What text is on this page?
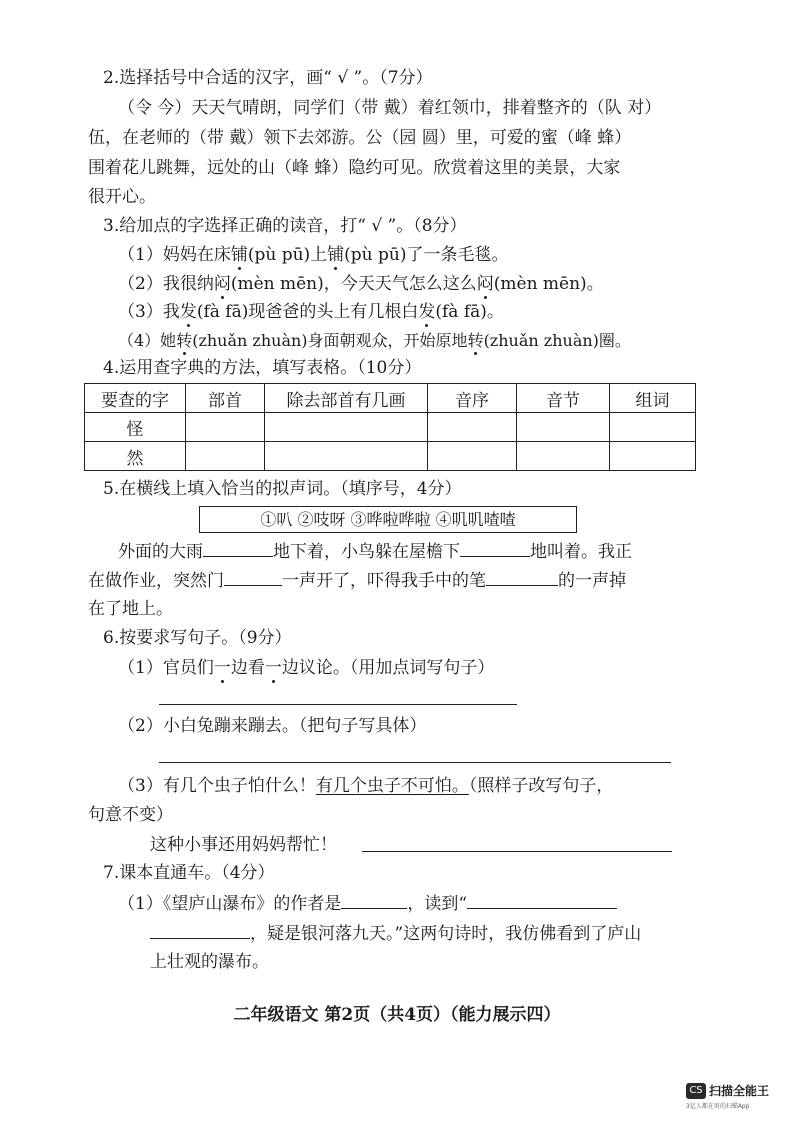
2.选择括号中合适的汉字，画“ √ ”。（7分）
（令 今）天天气晴朗，同学们（带 戴）着红领巾，排着整齐的（队 对）
伍，在老师的（带 戴）领下去郊游。公（园 圆）里，可爱的蜜（峰 蜂）
围着花儿跳舞，远处的山（峰 蜂）隐约可见。欣赏着这里的美景，大家
很开心。
3.给加点的字选择正确的读音，打“ √ ”。（8分）
（1）妈妈在床铺(pù pū)上铺(pù pū)了一条毛毯。
（2）我很纳闷(mèn mēn)，今天天气怎么这么闷(mèn mēn)。
（3）我发(fà fā)现爸爸的头上有几根白发(fà fā)。
（4）她转(zhuǎn zhuàn)身面朝观众，开始原地转(zhuǎn zhuàn)圈。
4.运用查字典的方法，填写表格。（10分）
要查的字	部首	除去部首有几画	音序	音节	组词
怪					
然					
5.在横线上填入恰当的拟声词。（填序号，4分）
①叭 ②吱呀 ③哗啦哗啦 ④叽叽喳喳
外面的大雨	地下着，小鸟躲在屋檐下	地叫着。我正
在做作业，突然门	一声开了，吓得我手中的笔	的一声掉
在了地上。
6.按要求写句子。（9分）
（1）官员们一边看一边议论。（用加点词写句子）
（2）小白兔蹦来蹦去。（把句子写具体）
（3）有几个虫子怕什么！有几个虫子不可怕。（照样子改写句子，
句意不变）
这种小事还用妈妈帮忙！
7.课本直通车。（4分）
（1）《望庐山瀑布》的作者是	，读到“
，疑是银河落九天。”这两句诗时，我仿佛看到了庐山
上壮观的瀑布。
二年级语文 第2页（共4页）（能力展示四）
CS 扫描全能王
3亿人都在用的扫描App
